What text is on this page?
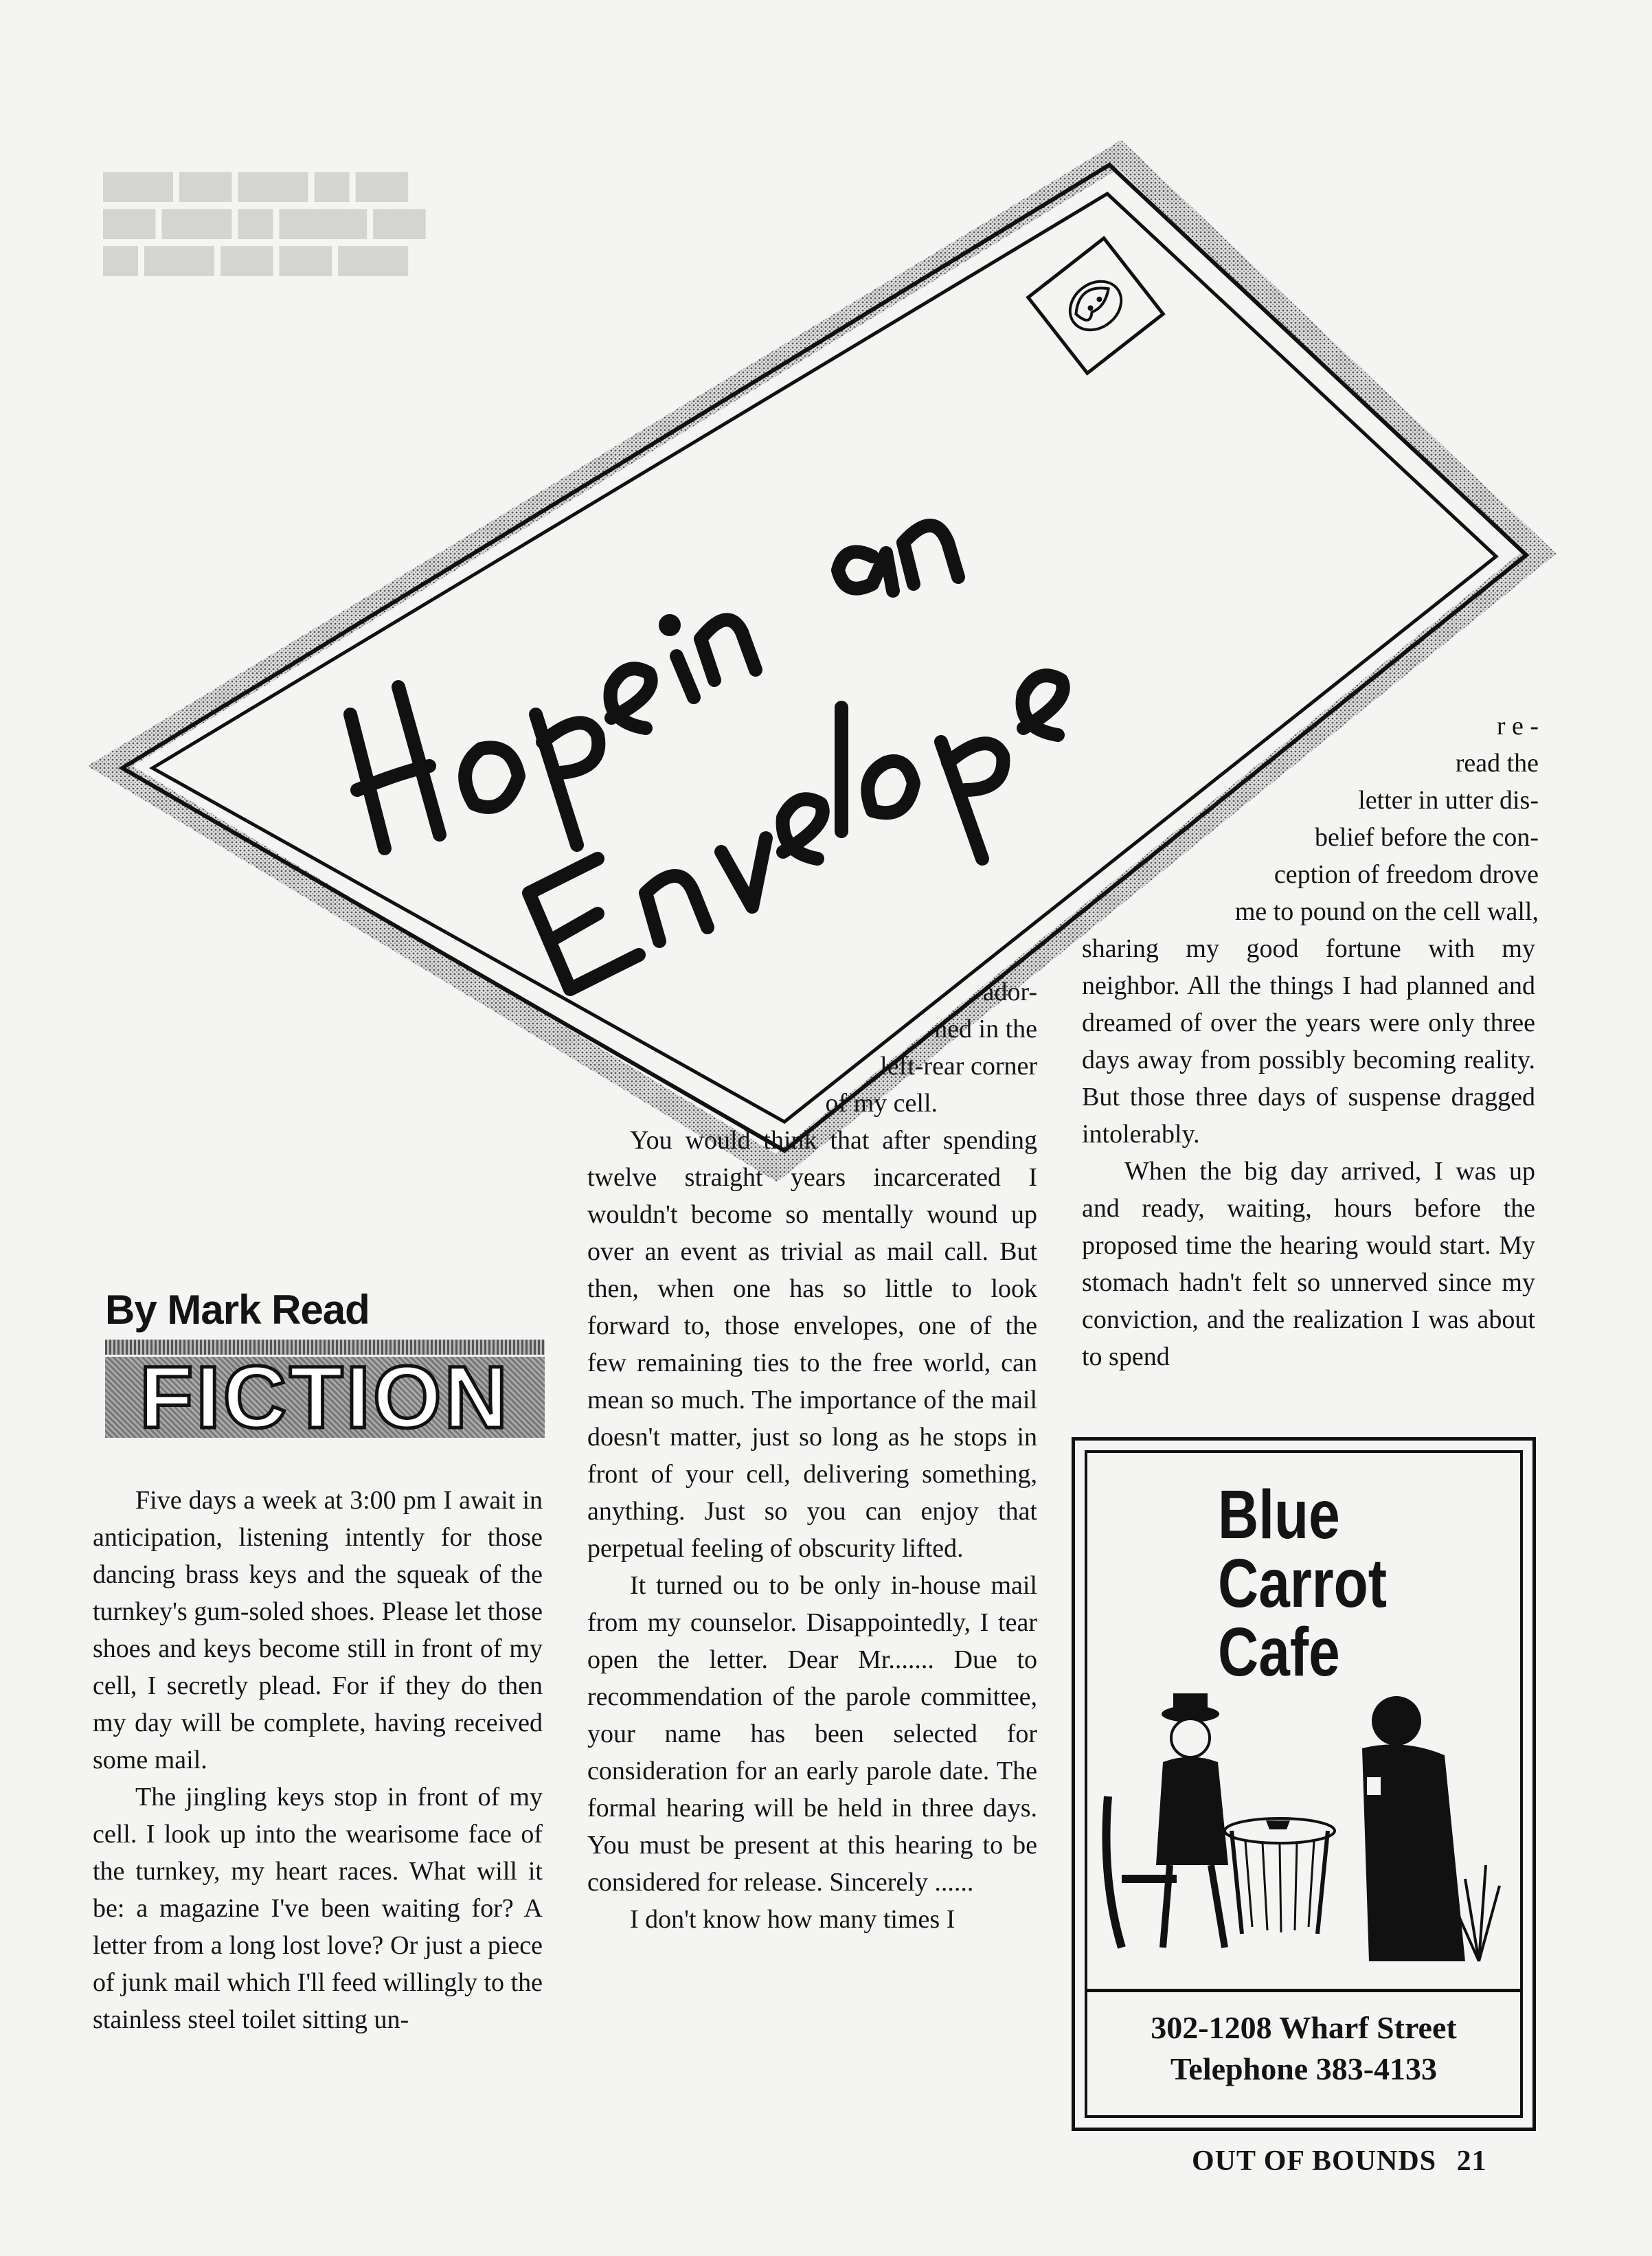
████ ███ ████ ██ ███
███ ████ ██ █████ ███
██ ████ ███ ███ ████

Hope in an Envelope
By Mark Read
FICTION

Five days a week at 3:00 pm I await in anticipation, listening intently for those dancing brass keys and the squeak of the turnkey's gum-soled shoes. Please let those shoes and keys become still in front of my cell, I secretly plead. For if they do then my day will be complete, having received some mail.

The jingling keys stop in front of my cell. I look up into the wearisome face of the turnkey, my heart races. What will it be: a magazine I've been waiting for? A letter from a long lost love? Or just a piece of junk mail which I'll feed willingly to the stainless steel toilet sitting un-

ador-
ned in the
left-rear corner
of my cell.

You would think that after spending twelve straight years incarcerated I wouldn't become so mentally wound up over an event as trivial as mail call. But then, when one has so little to look forward to, those envelopes, one of the few remaining ties to the free world, can mean so much. The importance of the mail doesn't matter, just so long as he stops in front of your cell, delivering something, anything. Just so you can enjoy that perpetual feeling of obscurity lifted.

It turned ou to be only in-house mail from my counselor. Disappointedly, I tear open the letter. Dear Mr....... Due to recommendation of the parole committee, your name has been selected for consideration for an early parole date. The formal hearing will be held in three days. You must be present at this hearing to be considered for release. Sincerely ......

I don't know how many times I

r e -
read the
letter in utter dis-
belief before the con-
ception of freedom drove
me to pound on the cell wall,

sharing my good fortune with my neighbor. All the things I had planned and dreamed of over the years were only three days away from possibly becoming reality. But those three days of suspense dragged intolerably.

When the big day arrived, I was up and ready, waiting, hours before the proposed time the hearing would start. My stomach hadn't felt so unnerved since my conviction, and the realization I was about to spend

Blue
Carrot
Cafe
302-1208 Wharf Street
Telephone 383-4133
OUT OF BOUNDS 21
